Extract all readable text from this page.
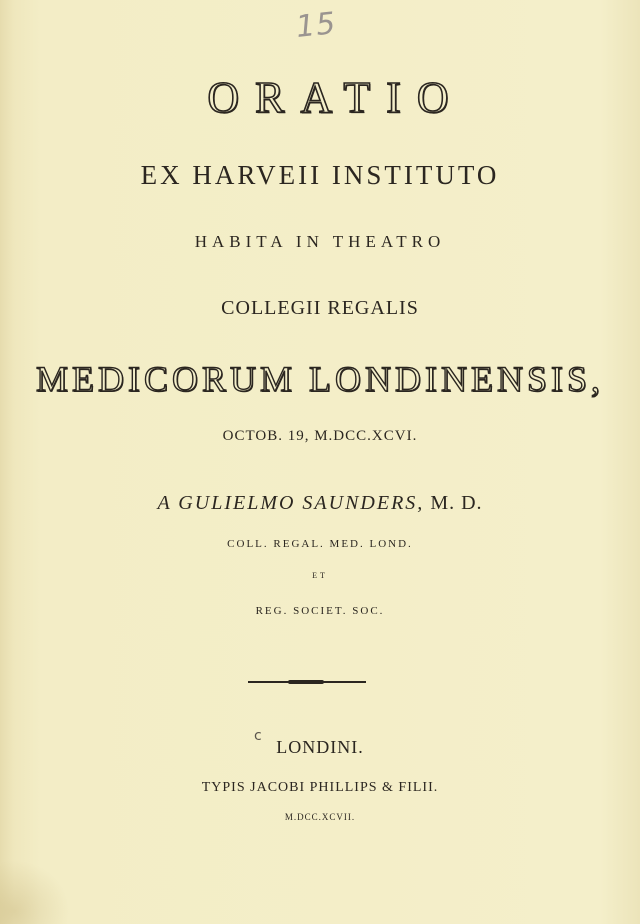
15

ORATIO

EX HARVEII INSTITUTO

HABITA IN THEATRO

COLLEGII REGALIS

MEDICORUM LONDINENSIS,

OCTOB. 19, M.DCC.XCVI.

A GULIELMO SAUNDERS, M. D.

COLL. REGAL. MED. LOND.

ET

REG. SOCIET. SOC.

c

LONDINI.

TYPIS JACOBI PHILLIPS & FILII.

M.DCC.XCVII.
